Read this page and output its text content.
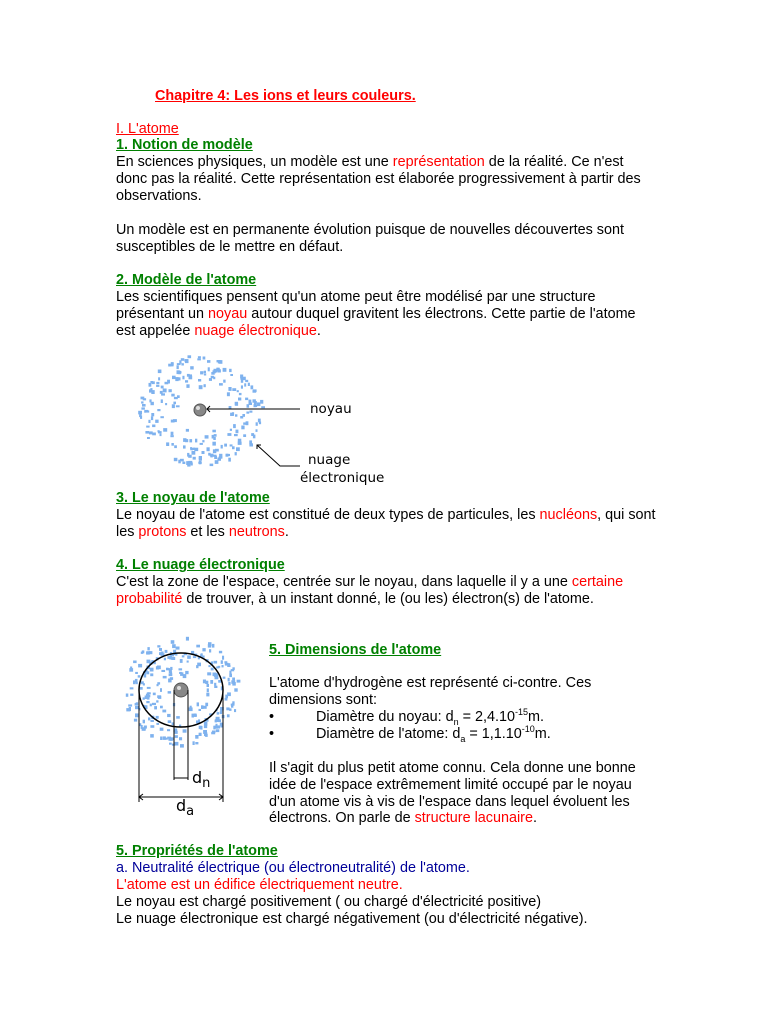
Chapitre 4: Les ions et leurs couleurs.

I. L'atome

1. Notion de modèle

En sciences physiques, un modèle est une représentation de la réalité. Ce n'est donc pas la réalité. Cette représentation est élaborée progressivement à partir des observations.

Un modèle est en permanente évolution puisque de nouvelles découvertes sont susceptibles de le mettre en défaut.

2. Modèle de l'atome

Les scientifiques pensent qu'un atome peut être modélisé par une structure présentant un noyau autour duquel gravitent les électrons. Cette partie de l'atome est appelée nuage électronique.

noyau
nuage
électronique

3. Le noyau de l'atome

Le noyau de l'atome est constitué de deux types de particules, les nucléons, qui sont les protons et les neutrons.

4. Le nuage électronique

C'est la zone de l'espace, centrée sur le noyau, dans laquelle il y a une certaine probabilité de trouver, à un instant donné, le (ou les) électron(s) de l'atome.

$d_n$
$d_a$

5. Dimensions de l'atome

L'atome d'hydrogène est représenté ci-contre. Ces dimensions sont:

•	Diamètre du noyau: $d_n = 2,4.10^{-15}m$.
•	Diamètre de l'atome: $d_a = 1,1.10^{-10}m$.

Il s'agit du plus petit atome connu. Cela donne une bonne idée de l'espace extrêmement limité occupé par le noyau d'un atome vis à vis de l'espace dans lequel évoluent les électrons. On parle de structure lacunaire.

5. Propriétés de l'atome

a. Neutralité électrique (ou électroneutralité) de l'atome.

L'atome est un édifice électriquement neutre.

Le noyau est chargé positivement ( ou chargé d'électricité positive)

Le nuage électronique est chargé négativement (ou d'électricité négative).
